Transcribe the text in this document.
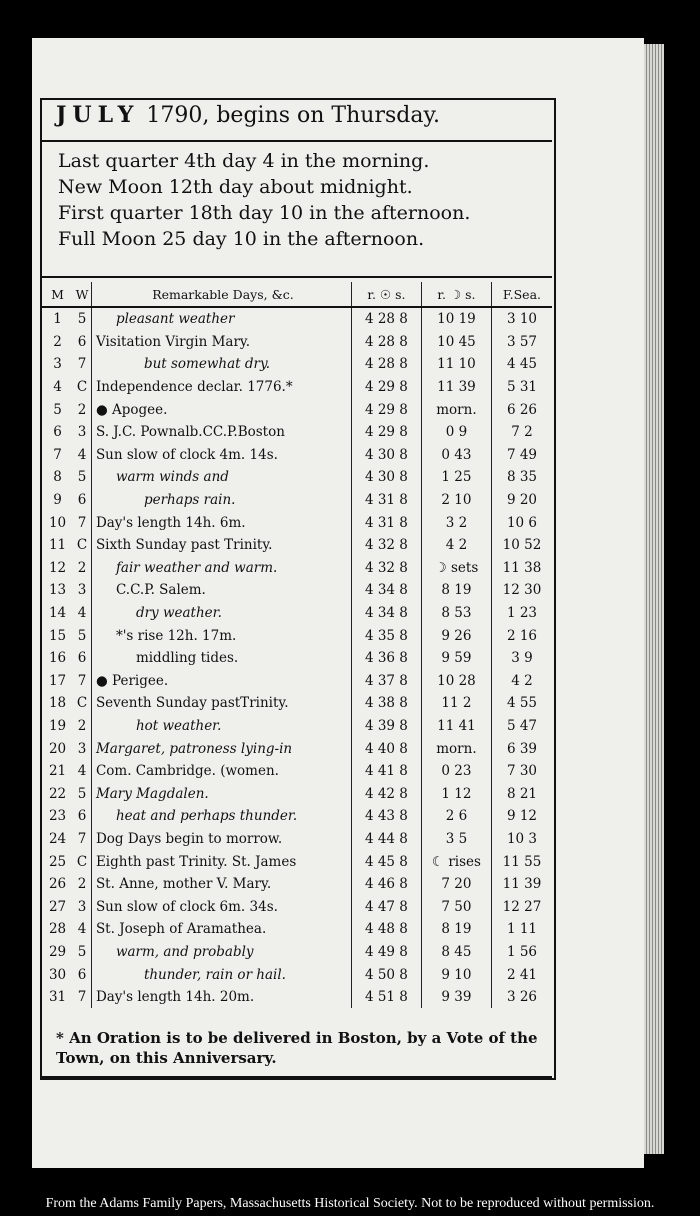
JULY 1790, begins on Thursday.
Last quarter 4th day 4 in the morning.
New Moon 12th day about midnight.
First quarter 18th day 10 in the afternoon.
Full Moon 25 day 10 in the afternoon.
M	W	Remarkable Days, &c.	r. ☉ s.	r. ☽ s.	F.Sea.
1	5	pleasant weather	4 28 8	10 19	3 10
2	6	Visitation Virgin Mary.	4 28 8	10 45	3 57
3	7	but somewhat dry.	4 28 8	11 10	4 45
4	C	Independence declar. 1776.*	4 29 8	11 39	5 31
5	2	● Apogee.	4 29 8	morn.	6 26
6	3	S. J.C. Pownalb.CC.P.Boston	4 29 8	0 9	7 2
7	4	Sun slow of clock 4m. 14s.	4 30 8	0 43	7 49
8	5	warm winds and	4 30 8	1 25	8 35
9	6	perhaps rain.	4 31 8	2 10	9 20
10	7	Day's length 14h. 6m.	4 31 8	3 2	10 6
11	C	Sixth Sunday past Trinity.	4 32 8	4 2	10 52
12	2	fair weather and warm.	4 32 8	☽ sets	11 38
13	3	C.C.P. Salem.	4 34 8	8 19	12 30
14	4	dry weather.	4 34 8	8 53	1 23
15	5	*'s rise 12h. 17m.	4 35 8	9 26	2 16
16	6	middling tides.	4 36 8	9 59	3 9
17	7	● Perigee.	4 37 8	10 28	4 2
18	C	Seventh Sunday pastTrinity.	4 38 8	11 2	4 55
19	2	hot weather.	4 39 8	11 41	5 47
20	3	Margaret, patroness lying-in	4 40 8	morn.	6 39
21	4	Com. Cambridge. (women.	4 41 8	0 23	7 30
22	5	Mary Magdalen.	4 42 8	1 12	8 21
23	6	heat and perhaps thunder.	4 43 8	2 6	9 12
24	7	Dog Days begin to morrow.	4 44 8	3 5	10 3
25	C	Eighth past Trinity. St. James	4 45 8	☾ rises	11 55
26	2	St. Anne, mother V. Mary.	4 46 8	7 20	11 39
27	3	Sun slow of clock 6m. 34s.	4 47 8	7 50	12 27
28	4	St. Joseph of Aramathea.	4 48 8	8 19	1 11
29	5	warm, and probably	4 49 8	8 45	1 56
30	6	thunder, rain or hail.	4 50 8	9 10	2 41
31	7	Day's length 14h. 20m.	4 51 8	9 39	3 26
* An Oration is to be delivered in Boston, by a Vote of the Town, on this Anniversary.
From the Adams Family Papers, Massachusetts Historical Society. Not to be reproduced without permission.
